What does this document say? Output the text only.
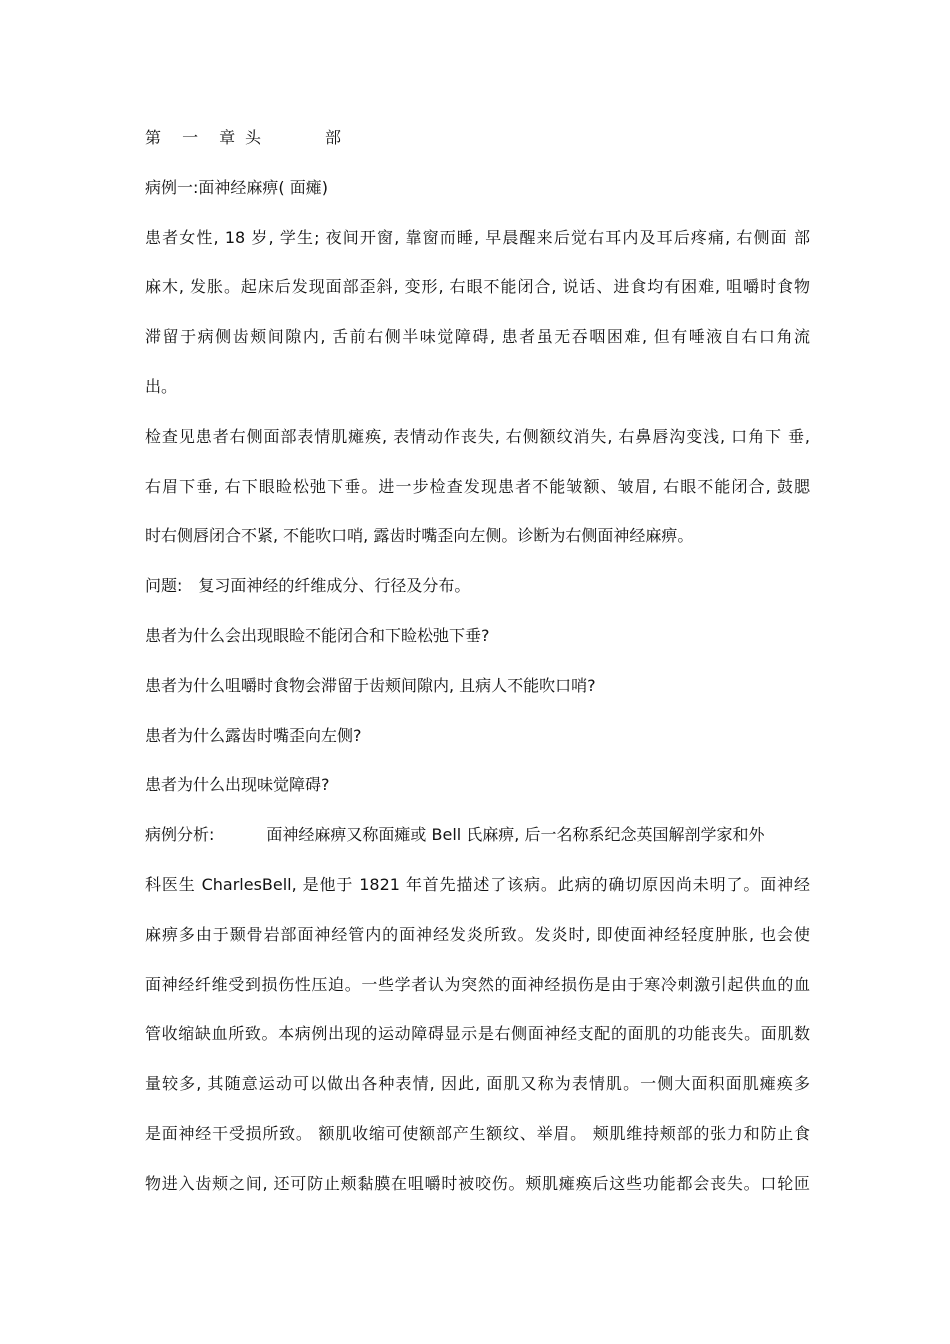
第 一 章 头	部
病例一:面神经麻痹( 面瘫)
患者女性, 18 岁, 学生; 夜间开窗, 靠窗而睡, 早晨醒来后觉右耳内及耳后疼痛, 右侧面 部
麻木, 发胀。起床后发现面部歪斜, 变形, 右眼不能闭合, 说话、进食均有困难, 咀嚼时食物
滞留于病侧齿颊间隙内, 舌前右侧半味觉障碍, 患者虽无吞咽困难, 但有唾液自右口角流
出。
检查见患者右侧面部表情肌瘫痪, 表情动作丧失, 右侧额纹消失, 右鼻唇沟变浅, 口角下 垂,
右眉下垂, 右下眼睑松弛下垂。进一步检查发现患者不能皱额、皱眉, 右眼不能闭合, 鼓腮
时右侧唇闭合不紧, 不能吹口哨, 露齿时嘴歪向左侧。诊断为右侧面神经麻痹。
问题: 复习面神经的纤维成分、行径及分布。
患者为什么会出现眼睑不能闭合和下睑松弛下垂?
患者为什么咀嚼时食物会滞留于齿颊间隙内, 且病人不能吹口哨?
患者为什么露齿时嘴歪向左侧?
患者为什么出现味觉障碍?
病例分析:	面神经麻痹又称面瘫或 Bell 氏麻痹, 后一名称系纪念英国解剖学家和外
科医生 CharlesBell, 是他于 1821 年首先描述了该病。此病的确切原因尚未明了。面神经
麻痹多由于颞骨岩部面神经管内的面神经发炎所致。发炎时, 即使面神经轻度肿胀, 也会使
面神经纤维受到损伤性压迫。一些学者认为突然的面神经损伤是由于寒冷刺激引起供血的血
管收缩缺血所致。本病例出现的运动障碍显示是右侧面神经支配的面肌的功能丧失。面肌数
量较多, 其随意运动可以做出各种表情, 因此, 面肌又称为表情肌。一侧大面积面肌瘫痪多
是面神经干受损所致。 额肌收缩可使额部产生额纹、举眉。 颊肌维持颊部的张力和防止食
物进入齿颊之间, 还可防止颊黏膜在咀嚼时被咬伤。颊肌瘫痪后这些功能都会丧失。口轮匝
